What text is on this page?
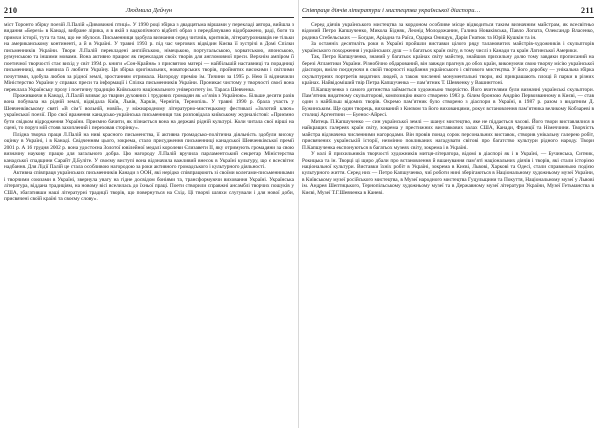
210	Людмила Дейчун

міст Торонто збірку поезій Л.Палій «Дивовижні птиці». У 1990 році збірка з двадцятьма віршами у перекладі автора, вийшла з видання «Березі» в Канаді, вибране лірика, я в якій з вадкопічного відбиті образ з передбачувано відображено, раді, боги та примхи історії, тута та там, що не збулося. Письменниця здобула визнання серед читачів, критиків, літературознавців не тільки на американському континенті, а й в Україні. У травні 1993 р. під час чергових відвідин Києва її зустрічі в Домі Спілки письменників України. Твори Л.Палій перекладені англійською, німецькою, португальською, хорватською, японською, румунською та іншими мовами. Вона активно працює як перекладач своїх творів для англомовної преси. Верхнім ампіром її поетичної творчості стає вихід у світ 1994 р. книги «Сон-Крайня» з присвятою матері — найбільшій наставниці та порадниці письменниці, яка навчила її любити Україну. Ця збірка оригінальних, новаторських творів, пройнятих високими і світлими почуттями, здобула любов за рідної землі, зростанням отримала. Нагороду премію ім. Тичини за 1995 р. Нею її відзначили Міністерство України у справах преси та інформації і Спілка письменників України. Проникає чистому у творчості своєї вона переклала Українську прозу і поетичну традицію Київського національного університету ім. Тараса Шевченка.

Проживаючи в Канаді, Л.Палій вливає до тварин духовних і трудових громадян як «з’язів з Україною». Більше десяти разів вона побувала на рідній землі, відвідала Київ, Львів, Харків, Чернігів, Тернопіль. У травні 1990 р. брала участь у Шевченківському святі «В сім’ї вольній, новій», у міжнародному літературно-мистецькому фестивалі «Золотий ключ» української поезії. Про свої враження канадсько-українська письменниця так розповідала київському журналістові: «Приємно бути свідком відродження України. Приємно бачити, як пізнається вона на державі рідній культурі. Коли читала свої вірші на сцені, то поруч мій стояв захоплений і переховав сторінку».

Плідна творча праця Л.Палій на ниві красного письменства, її активна громадсько-політична діяльність здобули високу оцінку в Україні, і в Канаді. Свідченням цього, зокрема, стало присудження письменниці канадської Шевченківської премії 2001 р. А 16 грудня 2002 р. вона удостоєна Золотої ювілейної медалі королеви Єлизавети II, яку отримують громадяни за свою визначну наукову працю для загального добра. Цю нагороду Л.Палій вручила парламентський секретар Міністерства канадської спадщини Сарайт Д.Буліте. У своєму виступі вона відзначила важливий внесок в Україні культуру, що є всесвітнє надбання. Для Лідії Палій це стала особливою нагородою за роки активного громадського і культурного діяльності.

Активна співпраця українських письменників Канади з ООН, які нерідко співпрацюють зі своїми колегами-письменниками і творчими союзами в Україні, звернула увагу на гідне досвідом боніями та, трансформуючи виховання Україні. Українська література, віддана традиціям, на новому вісі вселилась до їхньої праці. Поети створили справжні ансамблі творчих пошуків у США, збагативши наші літературні традиції творів, що повернуться на Схід. Ці творчі шляхи слугували і для нової доби, присвячені своїй країні та своєму слову».

Співпраця діячів літератури і мистецтва української діаспори…	211

Серед діячів українського мистецтва за кордоном особливе місце відводиться таким визначним майстрам, як всесвітньо відомий Петро Капшученко, Микола Бідняк, Леонід Молодожанин, Галина Новаківська, Павло Лопата, Олександр Власенко, родина Стебельських — Богдан, Аріадна та Раїса, Одарка Онищук, Дарія Гнатюк та Юрій Кушкін та ін.

За останніх десятиліть роки в Україні пройшли виставки цілого ряду талановитих майстрів-художників і скульпторів українського походження і українських душ — з багатьох країн світу, в тому числі з Канади та країн Латинської Америки.

Так, Петро Капшученко, знаний у багатьох країнах світу майстер, знайшов прихильну долю тому завдяки прописаний на березі Атлантики України. Різнобічно обдарований, він завжди прагнув до обох країн, виконуючи свою творчу місію української діаспори, вміло поєднуючи в своїй творчості надбання українського і світового мистецтва. У його доробку — унікальна збірка скульптурних портретів видатних людей, а також численні монументальні твори, які прикрашають площі й парки в різних країнах. Найвідоміший твір Петра Капшученка — пам’ятник Т. Шевченку у Вашингтоні.

П.Капшученко з самого дитинства займається художньою творчістю. Його вчителями були визначні українські скульптори. Пам’ятник видатному скульпторові, композицію якого створено 1983 р. білим бронзою Андрію Первозванному в Києві, — став один з найбільш відомих творів. Окремо пам’ятник було створено з діаспори в Україні, в 1987 р. разом з видатним Д. Бужинським. Ще один творець, вихований з Києвом та його вихованцями, рокує встановлення пам’ятника великому Кобзареві в столиці Аргентини — Буенос-Айресі.

Митець П.Капшученко — син української землі — шанує мистецтво, яке не піддається часові. Його твори виставлялися в найкращих галереях країн світу, зокрема у престижних виставкових залах США, Канади, Франції та Німеччини. Творчість майстра відзначена численними нагородами. Він провів понад сорок персональних виставок, створив унікальну галерею робіт, присвячених українській історії, незмінно покликаних нагадувати світові про багатство культури рідного народу. Твори П.Капшученка експонуються в багатьох музеях світу, зокрема і в Україні.

У колі й прихильників творчості художників митця-літератора, відомі в діаспорі як і в Україні, — Бучинська, Ситник, Рокицька та ін. Творці ці щиро дбали про встановлення й вшанування пам’яті національних діячів і творів, які стали історією національної культури. Виставки їхніх робіт в Україні, зокрема в Києві, Львові, Харкові та Одесі, стали справжньою подією культурного життя. Серед них — Петро Капшученко, чиї роботи нині зберігаються в Національному художньому музеї України, в Київському музеї російського мистецтва, в Музеї народного мистецтва Гуцульщини та Покуття, Національному музеї у Львові ім. Андрея Шептицького, Тернопільському художньому музеї та в Державному музеї літератури України, Музеї Гетьманства в Києві, Музеї Т.Г.Шевченка в Каневі.
